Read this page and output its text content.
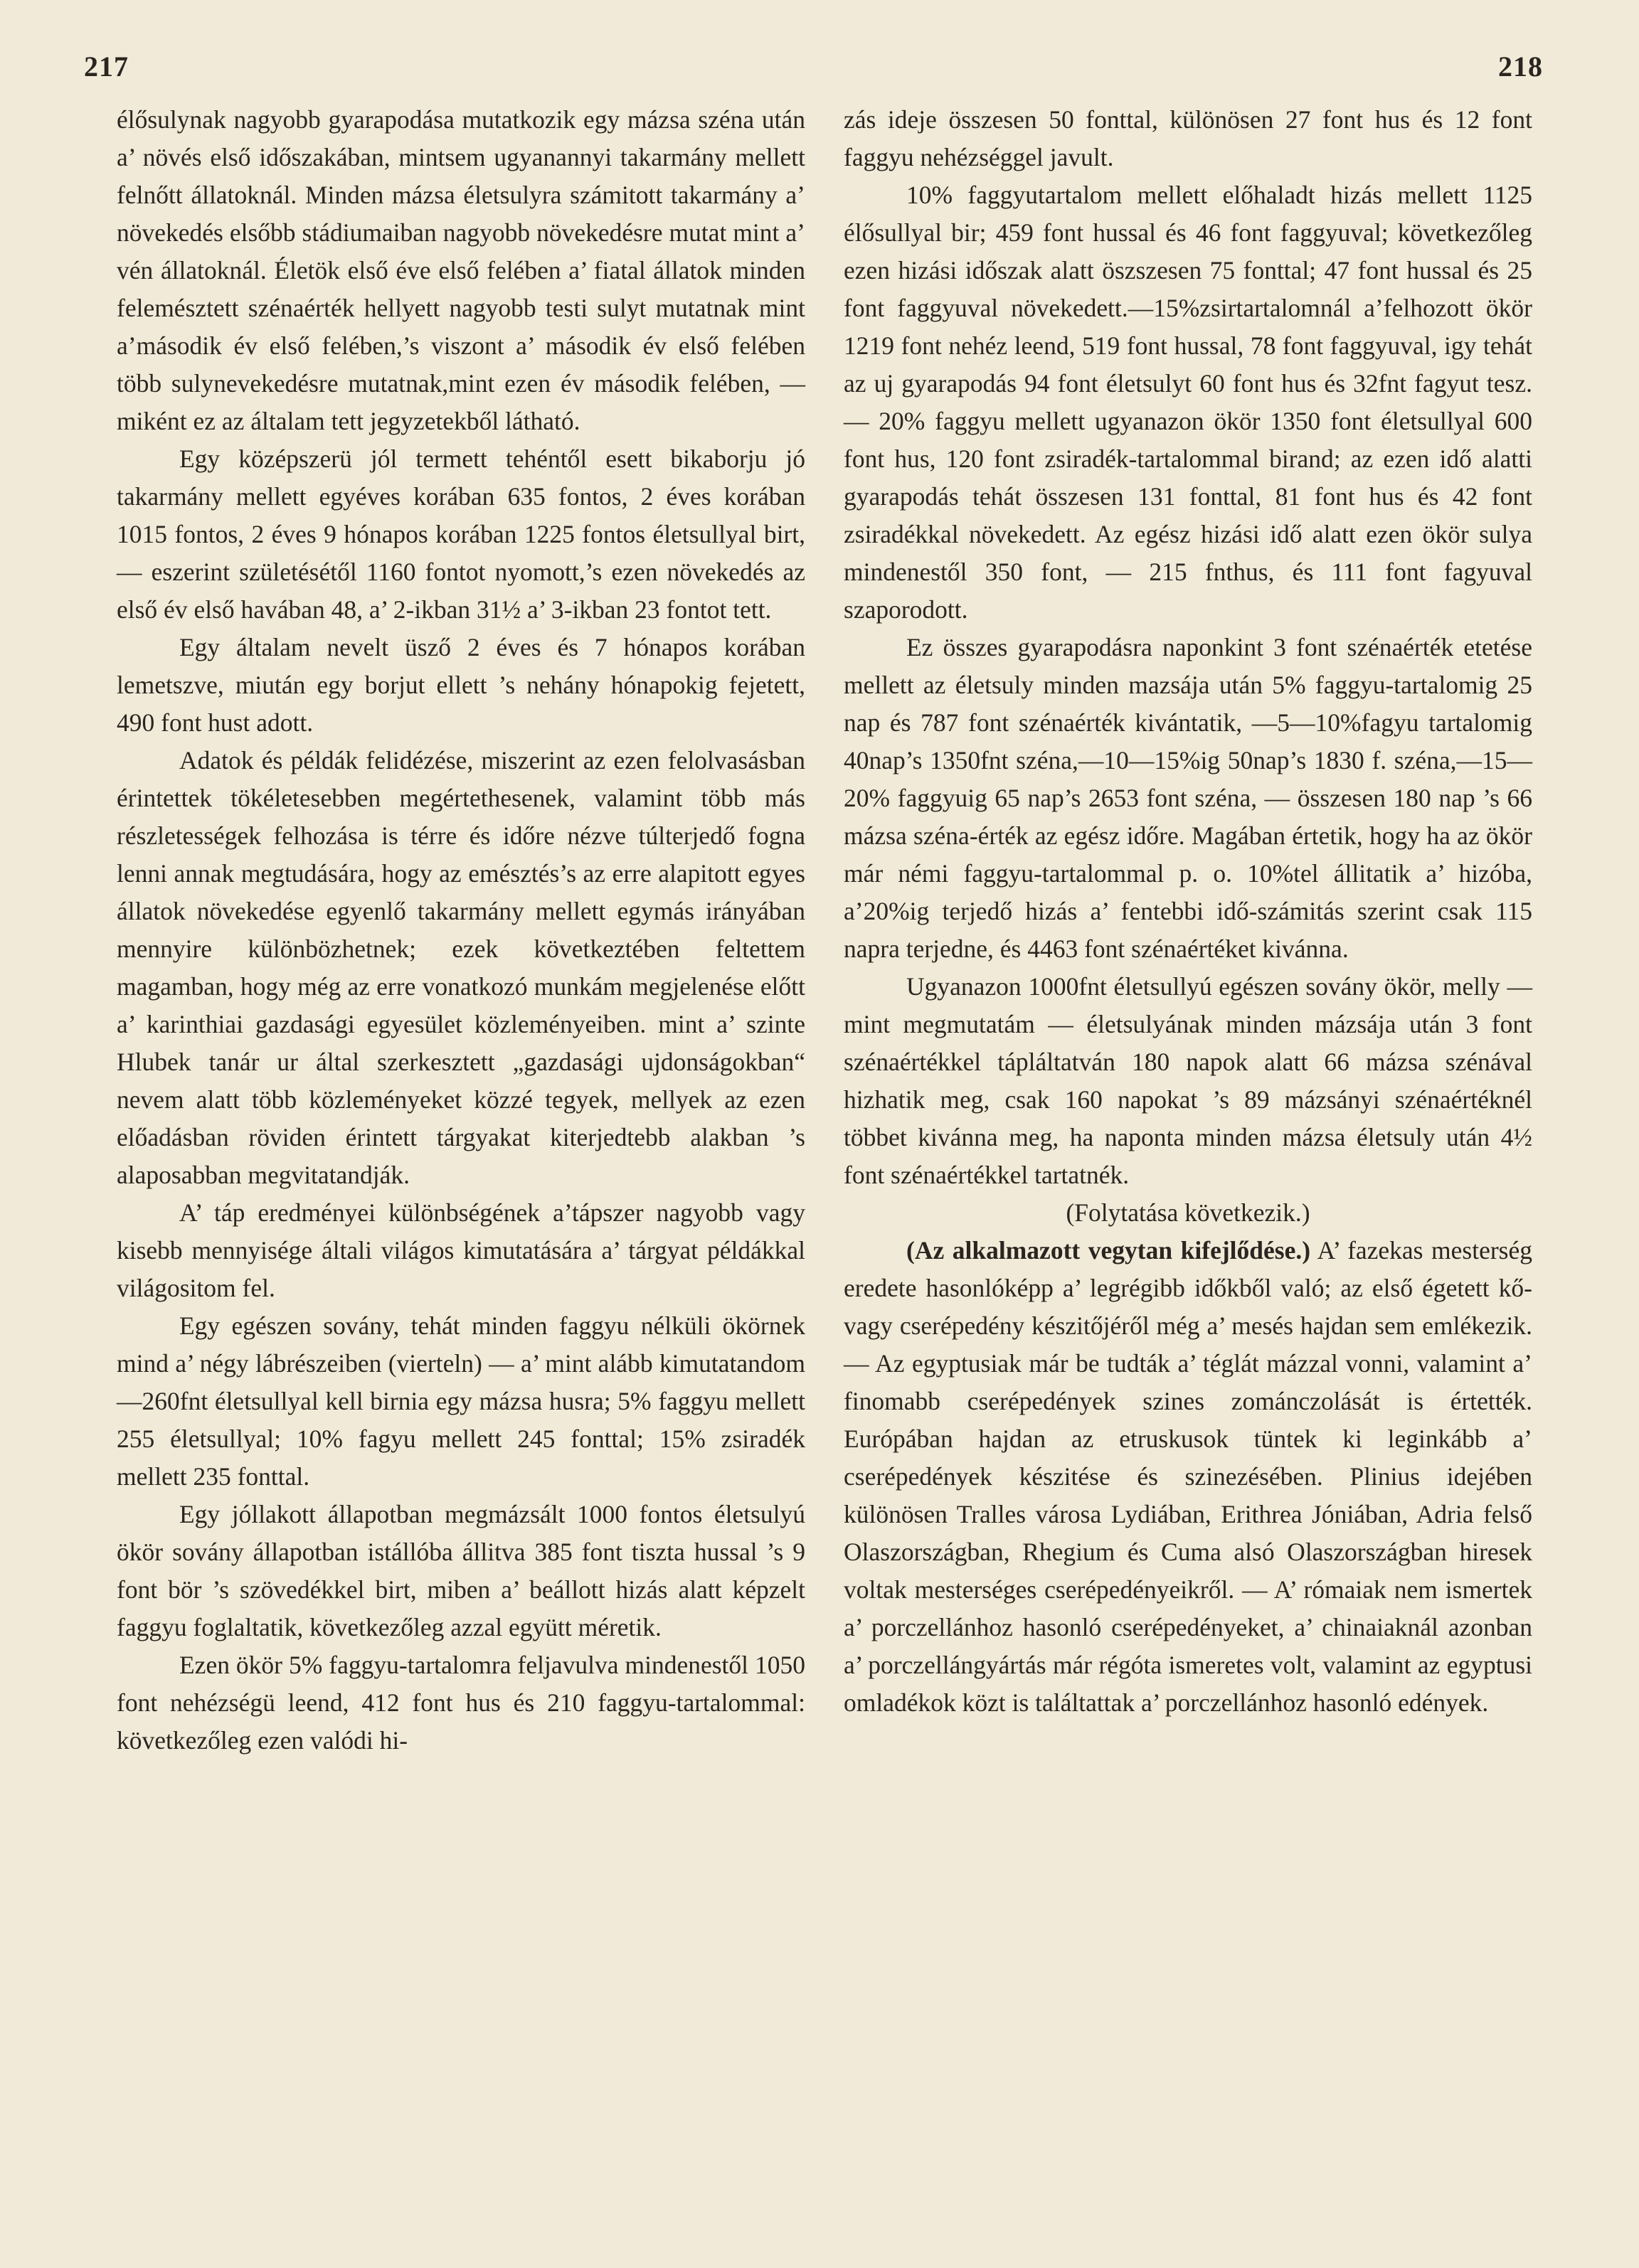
217	218

élősulynak nagyobb gyarapodása mutatkozik egy mázsa széna után a’ növés első időszakában, mintsem ugyanannyi takarmány mellett felnőtt állatoknál. Minden mázsa életsulyra számitott takarmány a’ növekedés elsőbb stádiumaiban nagyobb növekedésre mutat mint a’ vén állatoknál. Életök első éve első felében a’ fiatal állatok minden felemésztett szénaérték hellyett nagyobb testi sulyt mutatnak mint a’második év első felében,’s viszont a’ második év első felében több sulynevekedésre mutatnak,mint ezen év második felében, — miként ez az általam tett jegyzetekből látható.

Egy középszerü jól termett tehéntől esett bikaborju jó takarmány mellett egyéves korában 635 fontos, 2 éves korában 1015 fontos, 2 éves 9 hónapos korában 1225 fontos életsullyal birt,— eszerint születésétől 1160 fontot nyomott,’s ezen növekedés az első év első havában 48, a’ 2-ikban 31½ a’ 3-ikban 23 fontot tett.

Egy általam nevelt üsző 2 éves és 7 hónapos korában lemetszve, miután egy borjut ellett ’s nehány hónapokig fejetett, 490 font hust adott.

Adatok és példák felidézése, miszerint az ezen felolvasásban érintettek tökéletesebben megértethesenek, valamint több más részletességek felhozása is térre és időre nézve túlterjedő fogna lenni annak megtudására, hogy az emésztés’s az erre alapitott egyes állatok növekedése egyenlő takarmány mellett egymás irányában mennyire különbözhetnek; ezek következtében feltettem magamban, hogy még az erre vonatkozó munkám megjelenése előtt a’ karinthiai gazdasági egyesület közleményeiben. mint a’ szinte Hlubek tanár ur által szerkesztett „gazdasági ujdonságokban“ nevem alatt több közleményeket közzé tegyek, mellyek az ezen előadásban röviden érintett tárgyakat kiterjedtebb alakban ’s alaposabban megvitatandják.

A’ táp eredményei különbségének a’tápszer nagyobb vagy kisebb mennyisége általi világos kimutatására a’ tárgyat példákkal világositom fel.

Egy egészen sovány, tehát minden faggyu nélküli ökörnek mind a’ négy lábrészeiben (vierteln) — a’ mint alább kimutatandom —260fnt életsullyal kell birnia egy mázsa husra; 5% faggyu mellett 255 életsullyal; 10% fagyu mellett 245 fonttal; 15% zsiradék mellett 235 fonttal.

Egy jóllakott állapotban megmázsált 1000 fontos életsulyú ökör sovány állapotban istállóba állitva 385 font tiszta hussal ’s 9 font bör ’s szövedékkel birt, miben a’ beállott hizás alatt képzelt faggyu foglaltatik, következőleg azzal együtt méretik.

Ezen ökör 5% faggyu-tartalomra feljavulva mindenestől 1050 font nehézségü leend, 412 font hus és 210 faggyu-tartalommal: következőleg ezen valódi hi-

zás ideje összesen 50 fonttal, különösen 27 font hus és 12 font faggyu nehézséggel javult.

10% faggyutartalom mellett előhaladt hizás mellett 1125 élősullyal bir; 459 font hussal és 46 font faggyuval; következőleg ezen hizási időszak alatt öszszesen 75 fonttal; 47 font hussal és 25 font faggyuval növekedett.—15%zsirtartalomnál a’felhozott ökör 1219 font nehéz leend, 519 font hussal, 78 font faggyuval, igy tehát az uj gyarapodás 94 font életsulyt 60 font hus és 32fnt fagyut tesz.— 20% faggyu mellett ugyanazon ökör 1350 font életsullyal 600 font hus, 120 font zsiradék-tartalommal birand; az ezen idő alatti gyarapodás tehát összesen 131 fonttal, 81 font hus és 42 font zsiradékkal növekedett. Az egész hizási idő alatt ezen ökör sulya mindenestől 350 font, — 215 fnthus, és 111 font fagyuval szaporodott.

Ez összes gyarapodásra naponkint 3 font szénaérték etetése mellett az életsuly minden mazsája után 5% faggyu-tartalomig 25 nap és 787 font szénaérték kivántatik, —5—10%fagyu tartalomig 40nap’s 1350fnt széna,—10—15%ig 50nap’s 1830 f. széna,—15—20% faggyuig 65 nap’s 2653 font széna, — összesen 180 nap ’s 66 mázsa széna-érték az egész időre. Magában értetik, hogy ha az ökör már némi faggyu-tartalommal p. o. 10%tel állitatik a’ hizóba, a’20%ig terjedő hizás a’ fentebbi idő-számitás szerint csak 115 napra terjedne, és 4463 font szénaértéket kivánna.

Ugyanazon 1000fnt életsullyú egészen sovány ökör, melly — mint megmutatám — életsulyának minden mázsája után 3 font szénaértékkel tápláltatván 180 napok alatt 66 mázsa szénával hizhatik meg, csak 160 napokat ’s 89 mázsányi szénaértéknél többet kivánna meg, ha naponta minden mázsa életsuly után 4½ font szénaértékkel tartatnék.

(Folytatása következik.)

(Az alkalmazott vegytan kifejlődése.) A’ fazekas mesterség eredete hasonlóképp a’ legrégibb időkből való; az első égetett kő- vagy cserépedény készitőjéről még a’ mesés hajdan sem emlékezik. — Az egyptusiak már be tudták a’ téglát mázzal vonni, valamint a’ finomabb cserépedények szines zománczolását is értették. Európában hajdan az etruskusok tüntek ki leginkább a’ cserépedények készitése és szinezésében. Plinius idejében különösen Tralles városa Lydiában, Erithrea Jóniában, Adria felső Olaszországban, Rhegium és Cuma alsó Olaszországban hiresek voltak mesterséges cserépedényeikről. — A’ rómaiak nem ismertek a’ porczellánhoz hasonló cserépedényeket, a’ chinaiaknál azonban a’ porczellángyártás már régóta ismeretes volt, valamint az egyptusi omladékok közt is találtattak a’ porczellánhoz hasonló edények.
